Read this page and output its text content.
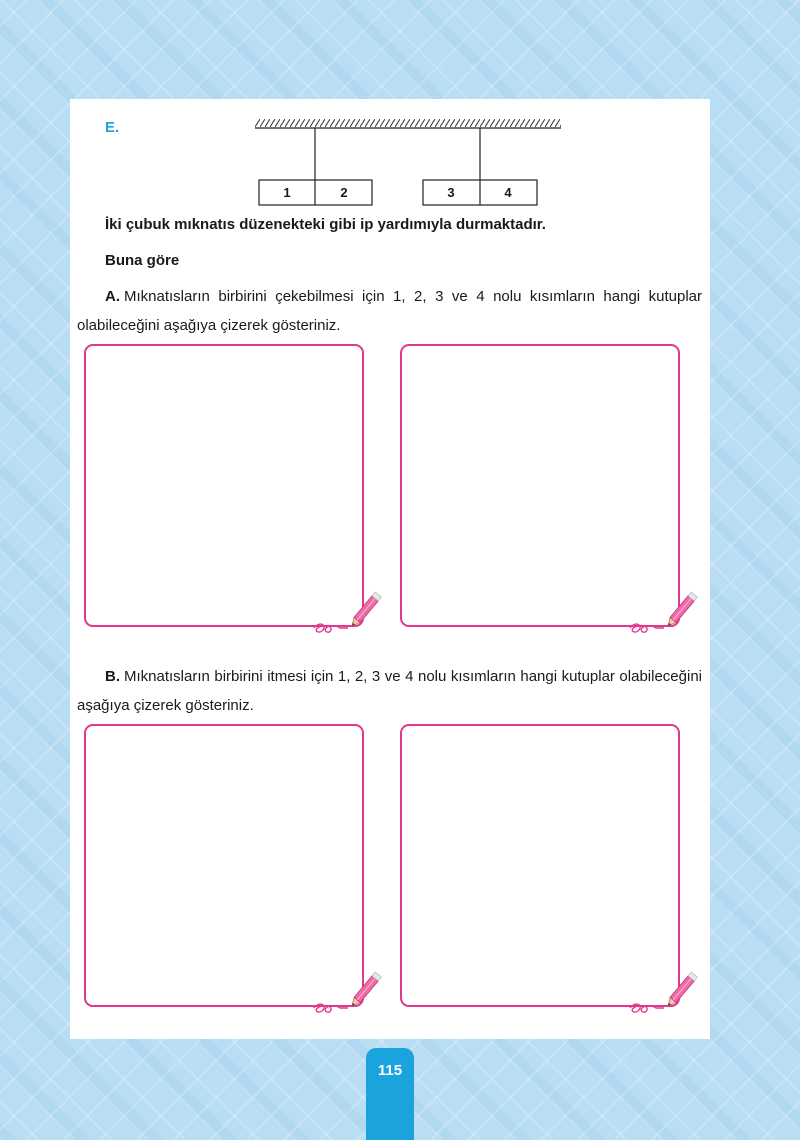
E.
1	2	3	4
İki çubuk mıknatıs düzenekteki gibi ip yardımıyla durmaktadır.
Buna göre

A. Mıknatısların birbirini çekebilmesi için 1, 2, 3 ve 4 nolu kısımların hangi kutuplar olabileceğini aşağıya çizerek gösteriniz.

B. Mıknatısların birbirini itmesi için 1, 2, 3 ve 4 nolu kısımların hangi kutuplar olabileceğini aşağıya çizerek gösteriniz.

115
